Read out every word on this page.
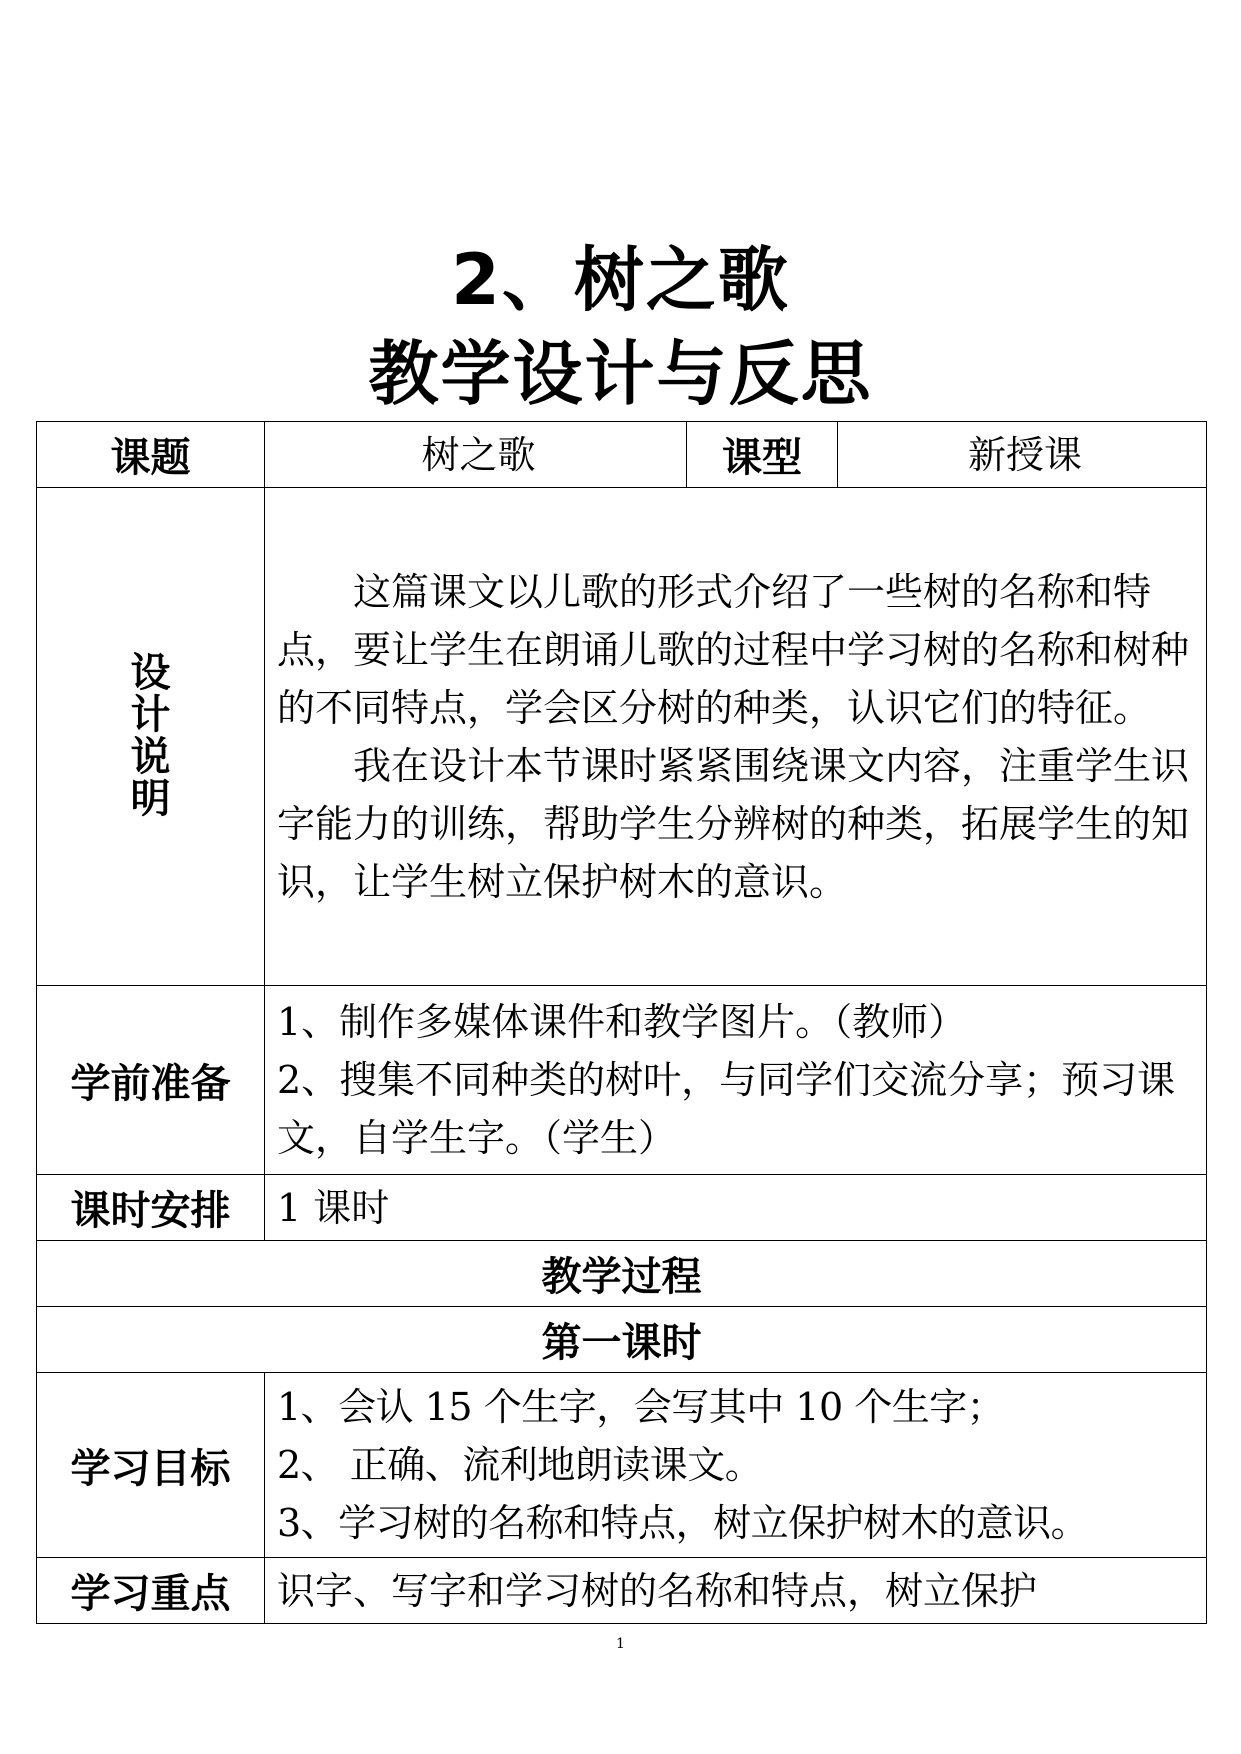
2、树之歌
教学设计与反思
课题	树之歌	课型	新授课
设计说明	这篇课文以儿歌的形式介绍了一些树的名称和特点，要让学生在朗诵儿歌的过程中学习树的名称和树种的不同特点，学会区分树的种类，认识它们的特征。

我在设计本节课时紧紧围绕课文内容，注重学生识字能力的训练，帮助学生分辨树的种类，拓展学生的知识，让学生树立保护树木的意识。		

学前准备	1、制作多媒体课件和教学图片。（教师）

2、搜集不同种类的树叶，与同学们交流分享；预习课文，自学生字。（学生）		

课时安排	1 课时		
教学过程			
第一课时			
学习目标	1、会认 15 个生字，会写其中 10 个生字；

2、 正确、流利地朗读课文。

3、学习树的名称和特点，树立保护树木的意识。		

学习重点	识字、写字和学习树的名称和特点，树立保护		
1
